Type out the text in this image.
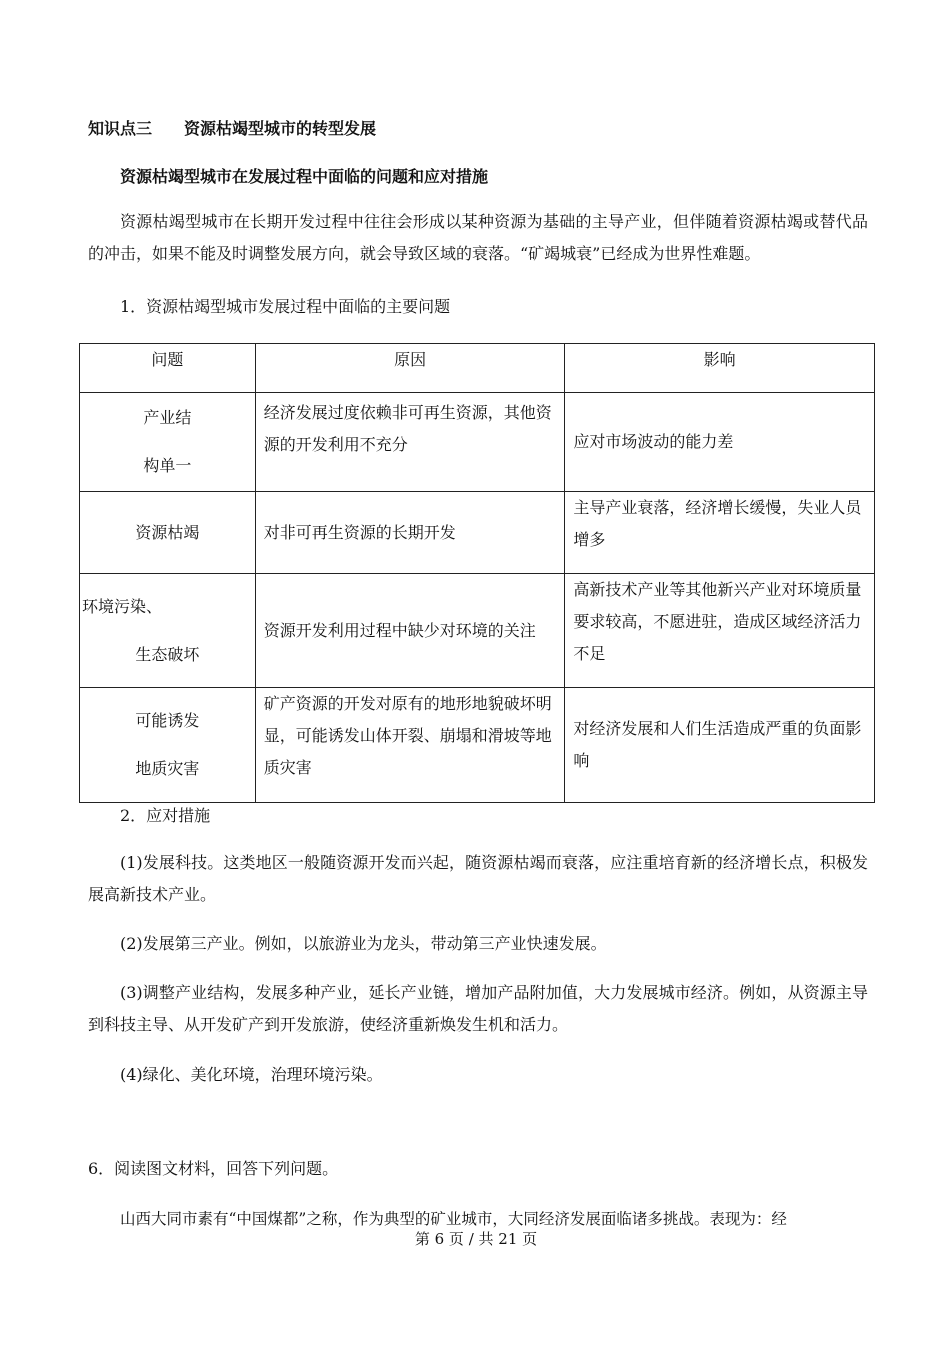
知识点三　　资源枯竭型城市的转型发展
资源枯竭型城市在发展过程中面临的问题和应对措施
资源枯竭型城市在长期开发过程中往往会形成以某种资源为基础的主导产业，但伴随着资源枯竭或替代品的冲击，如果不能及时调整发展方向，就会导致区域的衰落。“矿竭城衰”已经成为世界性难题。
1．资源枯竭型城市发展过程中面临的主要问题
问题	原因	影响

产业结
构单一	经济发展过度依赖非可再生资源，其他资源的开发利用不充分	应对市场波动的能力差
资源枯竭	对非可再生资源的长期开发	主导产业衰落，经济增长缓慢，失业人员增多

环境污染、
生态破坏	资源开发利用过程中缺少对环境的关注	高新技术产业等其他新兴产业对环境质量要求较高，不愿进驻，造成区域经济活力不足

可能诱发
地质灾害	矿产资源的开发对原有的地形地貌破坏明显，可能诱发山体开裂、崩塌和滑坡等地质灾害	对经济发展和人们生活造成严重的负面影响
2．应对措施
(1)发展科技。这类地区一般随资源开发而兴起，随资源枯竭而衰落，应注重培育新的经济增长点，积极发展高新技术产业。
(2)发展第三产业。例如，以旅游业为龙头，带动第三产业快速发展。
(3)调整产业结构，发展多种产业，延长产业链，增加产品附加值，大力发展城市经济。例如，从资源主导到科技主导、从开发矿产到开发旅游，使经济重新焕发生机和活力。
(4)绿化、美化环境，治理环境污染。
6．阅读图文材料，回答下列问题。
山西大同市素有“中国煤都”之称，作为典型的矿业城市，大同经济发展面临诸多挑战。表现为：经
第 6 页 / 共 21 页
